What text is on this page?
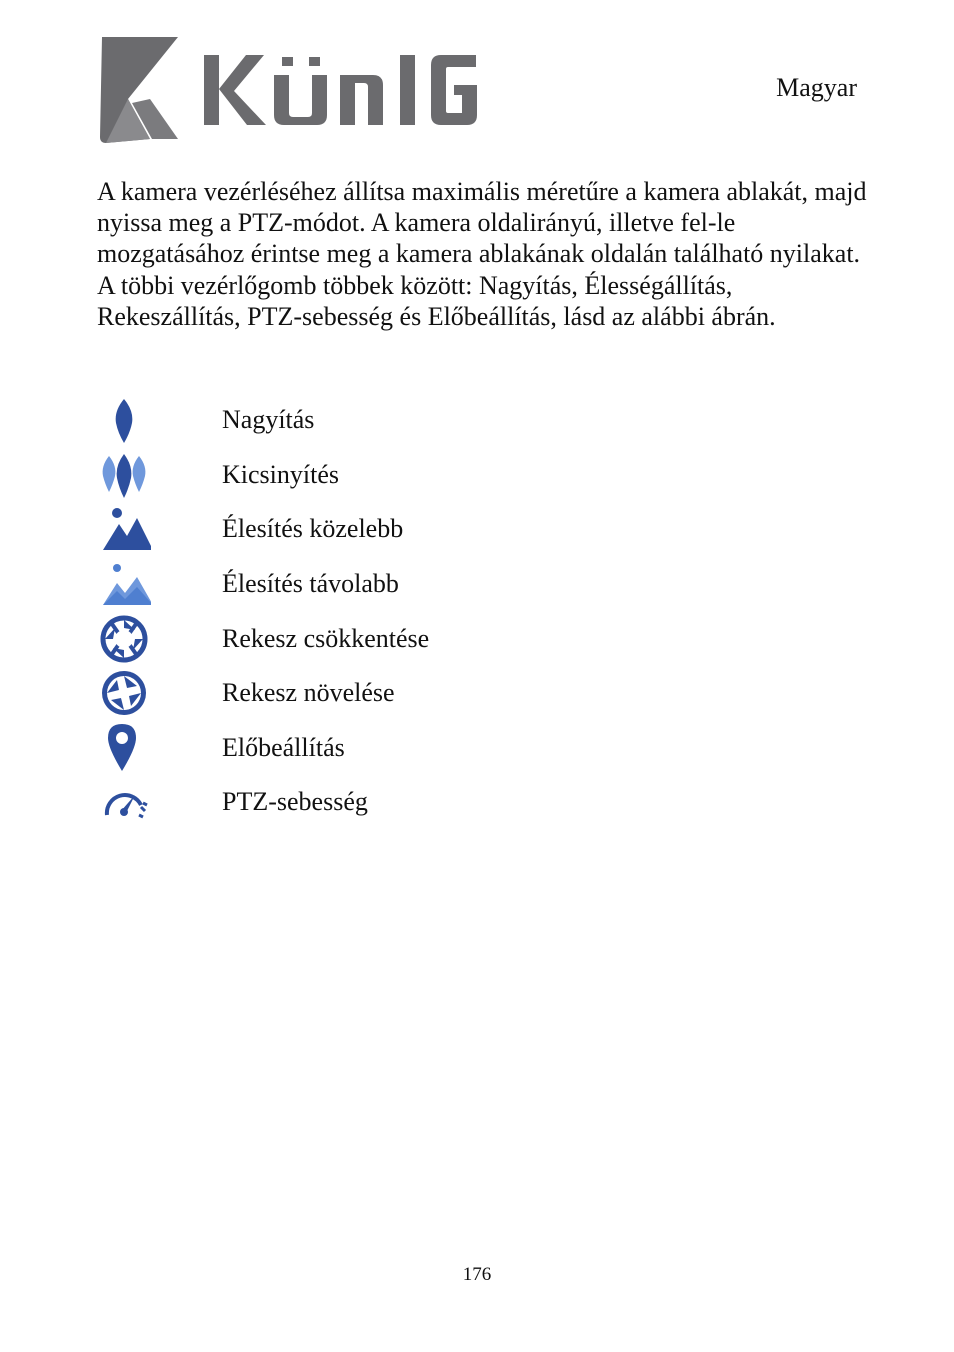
Magyar

A kamera vezérléséhez állítsa maximális méretűre a kamera ablakát, majd nyissa meg a PTZ-módot. A kamera oldalirányú, illetve fel-le mozgatásához érintse meg a kamera ablakának oldalán található nyilakat. A többi vezérlőgomb többek között: Nagyítás, Élességállítás, Rekeszállítás, PTZ-sebesség és Előbeállítás, lásd az alábbi ábrán.

Nagyítás
Kicsinyítés
Élesítés közelebb
Élesítés távolabb
Rekesz csökkentése
Rekesz növelése
Előbeállítás
PTZ-sebesség
176
